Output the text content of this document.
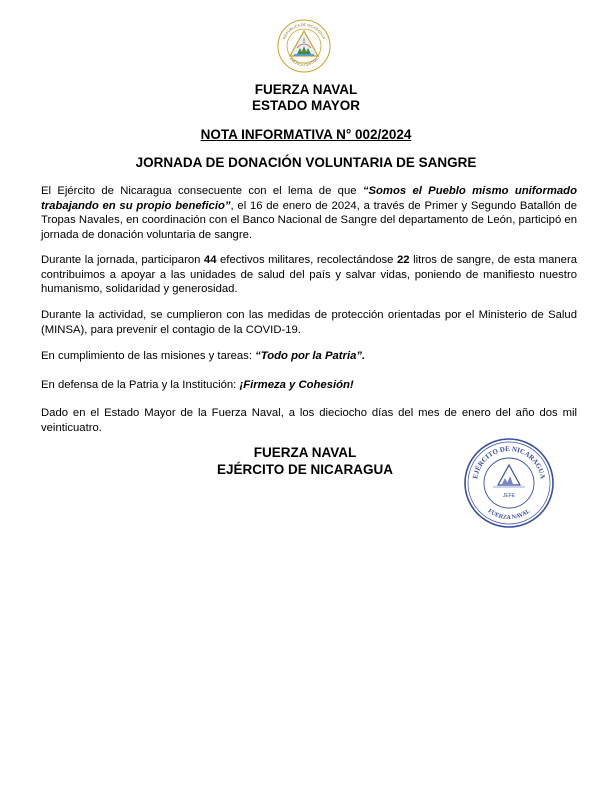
REPÚBLICA DE NICARAGUA
AMÉRICA CENTRAL
FUERZA NAVAL
ESTADO MAYOR
NOTA INFORMATIVA N° 002/2024
JORNADA DE DONACIÓN VOLUNTARIA DE SANGRE
El Ejército de Nicaragua consecuente con el lema de que “Somos el Pueblo mismo uniformado trabajando en su propio beneficio”, el 16 de enero de 2024, a través de Primer y Segundo Batallón de Tropas Navales, en coordinación con el Banco Nacional de Sangre del departamento de León, participó en jornada de donación voluntaria de sangre.
Durante la jornada, participaron 44 efectivos militares, recolectándose 22 litros de sangre, de esta manera contribuimos a apoyar a las unidades de salud del país y salvar vidas, poniendo de manifiesto nuestro humanismo, solidaridad y generosidad.
Durante la actividad, se cumplieron con las medidas de protección orientadas por el Ministerio de Salud (MINSA), para prevenir el contagio de la COVID-19.
En cumplimiento de las misiones y tareas: “Todo por la Patria”.
En defensa de la Patria y la Institución: ¡Firmeza y Cohesión!
Dado en el Estado Mayor de la Fuerza Naval, a los dieciocho días del mes de enero del año dos mil veinticuatro.
FUERZA NAVAL
EJÉRCITO DE NICARAGUA
JEFE
EJÉRCITO DE NICARAGUA
FUERZA NAVAL
